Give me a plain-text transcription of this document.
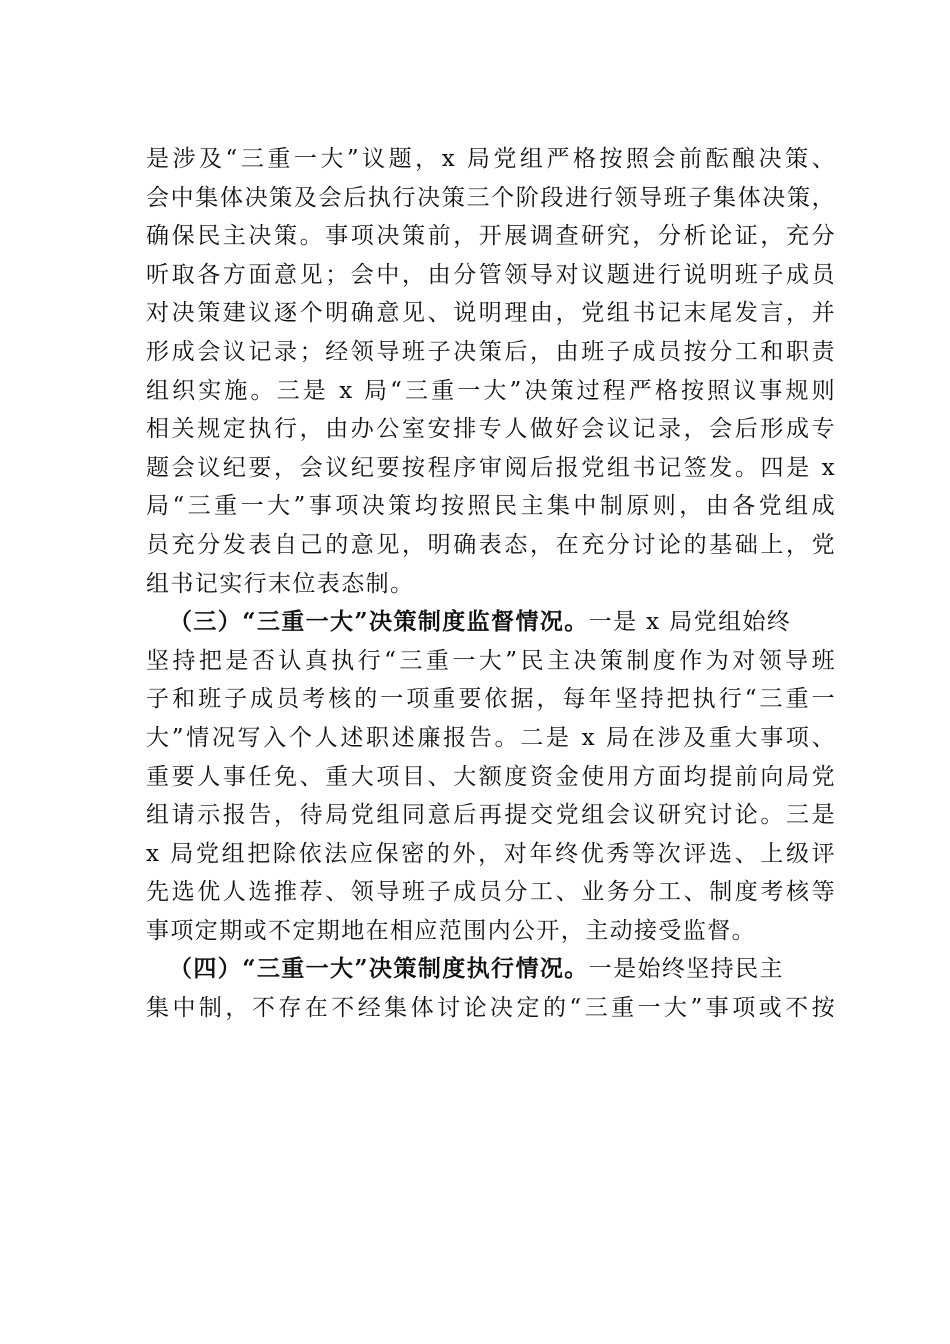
是涉及“三重一大”议题，x 局党组严格按照会前酝酿决策、
会中集体决策及会后执行决策三个阶段进行领导班子集体决策，
确保民主决策。事项决策前，开展调查研究，分析论证，充分
听取各方面意见；会中，由分管领导对议题进行说明班子成员
对决策建议逐个明确意见、说明理由，党组书记末尾发言，并
形成会议记录；经领导班子决策后，由班子成员按分工和职责
组织实施。三是 x 局“三重一大”决策过程严格按照议事规则
相关规定执行，由办公室安排专人做好会议记录，会后形成专
题会议纪要，会议纪要按程序审阅后报党组书记签发。四是 x
局“三重一大”事项决策均按照民主集中制原则，由各党组成
员充分发表自己的意见，明确表态，在充分讨论的基础上，党
组书记实行末位表态制。
（三）“三重一大”决策制度监督情况。一是 x 局党组始终
坚持把是否认真执行“三重一大”民主决策制度作为对领导班
子和班子成员考核的一项重要依据，每年坚持把执行“三重一
大”情况写入个人述职述廉报告。二是 x 局在涉及重大事项、
重要人事任免、重大项目、大额度资金使用方面均提前向局党
组请示报告，待局党组同意后再提交党组会议研究讨论。三是
x 局党组把除依法应保密的外，对年终优秀等次评选、上级评
先选优人选推荐、领导班子成员分工、业务分工、制度考核等
事项定期或不定期地在相应范围内公开，主动接受监督。
（四）“三重一大”决策制度执行情况。一是始终坚持民主
集中制，不存在不经集体讨论决定的“三重一大”事项或不按
